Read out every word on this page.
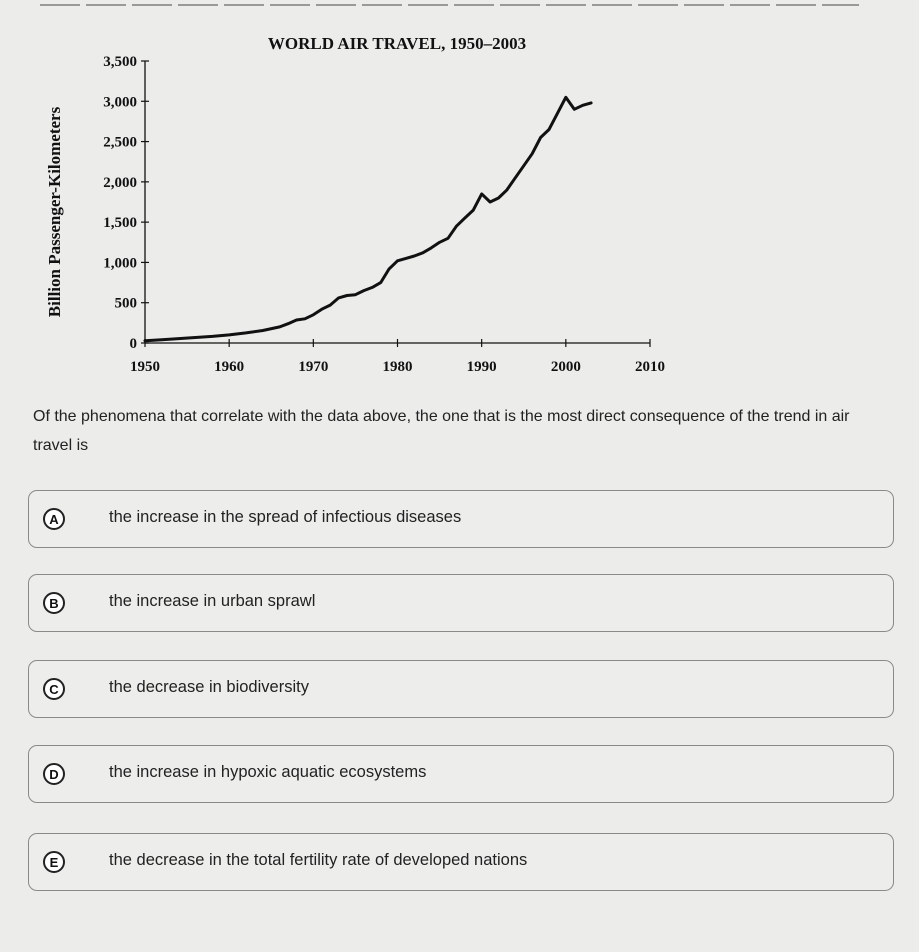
WORLD AIR TRAVEL, 1950–2003
Billion Passenger-Kilometers
0
500
1,000
1,500
2,000
2,500
3,000
3,500
1950	1960	1970	1980	1990	2000	2010
Of the phenomena that correlate with the data above, the one that is the most direct consequence of the trend in air travel is
A	the increase in the spread of infectious diseases
B	the increase in urban sprawl
C	the decrease in biodiversity
D	the increase in hypoxic aquatic ecosystems
E	the decrease in the total fertility rate of developed nations
